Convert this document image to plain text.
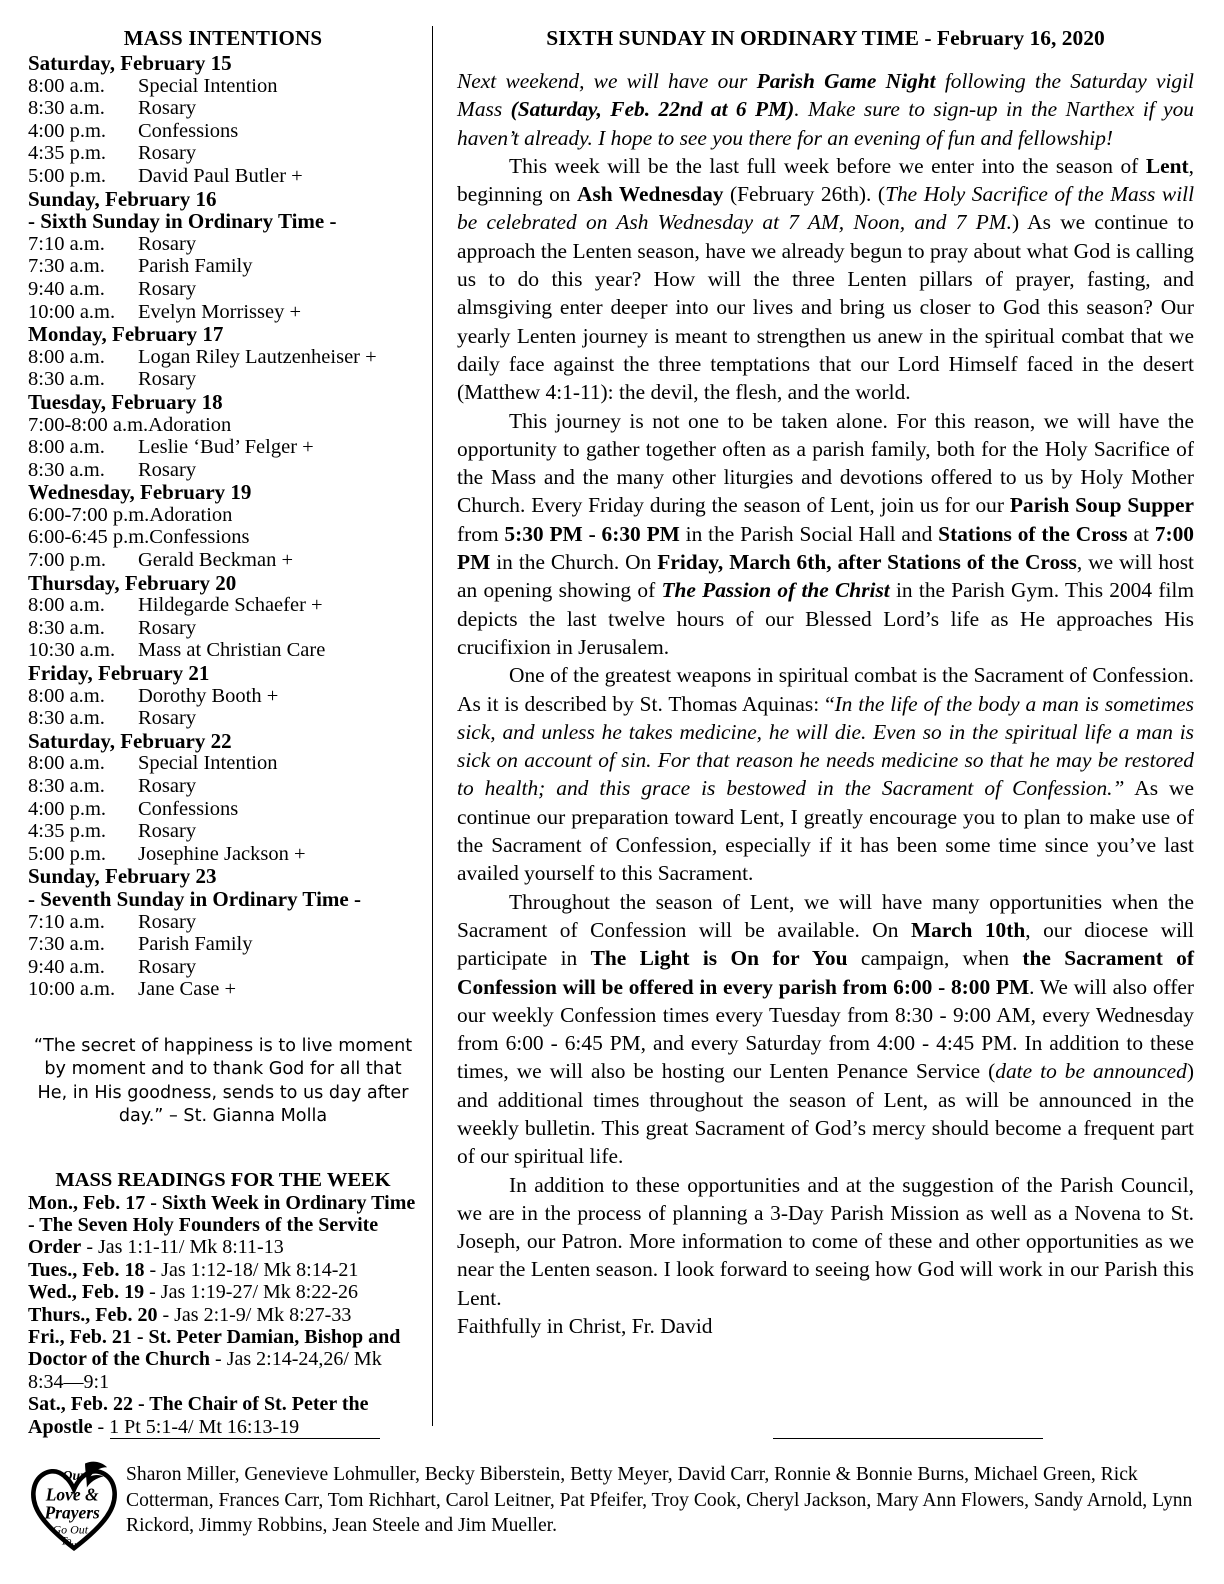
MASS INTENTIONS
Saturday, February 15
8:00 a.m.	Special Intention
8:30 a.m.	Rosary
4:00 p.m.	Confessions
4:35 p.m.	Rosary
5:00 p.m.	David Paul Butler +
Sunday, February 16
- Sixth Sunday in Ordinary Time -
7:10 a.m.	Rosary
7:30 a.m.	Parish Family
9:40 a.m.	Rosary
10:00 a.m.	Evelyn Morrissey +
Monday, February 17
8:00 a.m.	Logan Riley Lautzenheiser +
8:30 a.m.	Rosary
Tuesday, February 18
7:00-8:00 a.m. Adoration
8:00 a.m.	Leslie ‘Bud’ Felger +
8:30 a.m.	Rosary
Wednesday, February 19
6:00-7:00 p.m. Adoration
6:00-6:45 p.m. Confessions
7:00 p.m.	Gerald Beckman +
Thursday, February 20
8:00 a.m.	Hildegarde Schaefer +
8:30 a.m.	Rosary
10:30 a.m.	Mass at Christian Care
Friday, February 21
8:00 a.m.	Dorothy Booth +
8:30 a.m.	Rosary
Saturday, February 22
8:00 a.m.	Special Intention
8:30 a.m.	Rosary
4:00 p.m.	Confessions
4:35 p.m.	Rosary
5:00 p.m.	Josephine Jackson +
Sunday, February 23
- Seventh Sunday in Ordinary Time -
7:10 a.m.	Rosary
7:30 a.m.	Parish Family
9:40 a.m.	Rosary
10:00 a.m.	Jane Case +
“The secret of happiness is to live moment by moment and to thank God for all that He, in His goodness, sends to us day after day.” – St. Gianna Molla
MASS READINGS FOR THE WEEK
Mon., Feb. 17 - Sixth Week in Ordinary Time - The Seven Holy Founders of the Servite Order - Jas 1:1-11/ Mk 8:11-13
Tues., Feb. 18 - Jas 1:12-18/ Mk 8:14-21
Wed., Feb. 19 - Jas 1:19-27/ Mk 8:22-26
Thurs., Feb. 20 - Jas 2:1-9/ Mk 8:27-33
Fri., Feb. 21 - St. Peter Damian, Bishop and Doctor of the Church - Jas 2:14-24,26/ Mk 8:34—9:1
Sat., Feb. 22 - The Chair of St. Peter the Apostle - 1 Pt 5:1-4/ Mt 16:13-19
SIXTH SUNDAY IN ORDINARY TIME - February 16, 2020

Next weekend, we will have our Parish Game Night following the Saturday vigil Mass (Saturday, Feb. 22nd at 6 PM). Make sure to sign-up in the Narthex if you haven’t already. I hope to see you there for an evening of fun and fellowship!

This week will be the last full week before we enter into the season of Lent, beginning on Ash Wednesday (February 26th). (The Holy Sacrifice of the Mass will be celebrated on Ash Wednesday at 7 AM, Noon, and 7 PM.) As we continue to approach the Lenten season, have we already begun to pray about what God is calling us to do this year? How will the three Lenten pillars of prayer, fasting, and almsgiving enter deeper into our lives and bring us closer to God this season? Our yearly Lenten journey is meant to strengthen us anew in the spiritual combat that we daily face against the three temptations that our Lord Himself faced in the desert (Matthew 4:1-11): the devil, the flesh, and the world.

This journey is not one to be taken alone. For this reason, we will have the opportunity to gather together often as a parish family, both for the Holy Sacrifice of the Mass and the many other liturgies and devotions offered to us by Holy Mother Church. Every Friday during the season of Lent, join us for our Parish Soup Supper from 5:30 PM - 6:30 PM in the Parish Social Hall and Stations of the Cross at 7:00 PM in the Church. On Friday, March 6th, after Stations of the Cross, we will host an opening showing of The Passion of the Christ in the Parish Gym. This 2004 film depicts the last twelve hours of our Blessed Lord’s life as He approaches His crucifixion in Jerusalem.

One of the greatest weapons in spiritual combat is the Sacrament of Confession. As it is described by St. Thomas Aquinas: “In the life of the body a man is sometimes sick, and unless he takes medicine, he will die. Even so in the spiritual life a man is sick on account of sin. For that reason he needs medicine so that he may be restored to health; and this grace is bestowed in the Sacrament of Confession.” As we continue our preparation toward Lent, I greatly encourage you to plan to make use of the Sacrament of Confession, especially if it has been some time since you’ve last availed yourself to this Sacrament.

Throughout the season of Lent, we will have many opportunities when the Sacrament of Confession will be available. On March 10th, our diocese will participate in The Light is On for You campaign, when the Sacrament of Confession will be offered in every parish from 6:00 - 8:00 PM. We will also offer our weekly Confession times every Tuesday from 8:30 - 9:00 AM, every Wednesday from 6:00 - 6:45 PM, and every Saturday from 4:00 - 4:45 PM. In addition to these times, we will also be hosting our Lenten Penance Service (date to be announced) and additional times throughout the season of Lent, as will be announced in the weekly bulletin. This great Sacrament of God’s mercy should become a frequent part of our spiritual life.

In addition to these opportunities and at the suggestion of the Parish Council, we are in the process of planning a 3-Day Parish Mission as well as a Novena to St. Joseph, our Patron. More information to come of these and other opportunities as we near the Lenten season. I look forward to seeing how God will work in our Parish this Lent.

Faithfully in Christ, Fr. David

Our
Love &
Prayers
Go Out
To...
Sharon Miller, Genevieve Lohmuller, Becky Biberstein, Betty Meyer, David Carr, Ronnie & Bonnie Burns, Michael Green, Rick Cotterman, Frances Carr, Tom Richhart, Carol Leitner, Pat Pfeifer, Troy Cook, Cheryl Jackson, Mary Ann Flowers, Sandy Arnold, Lynn Rickord, Jimmy Robbins, Jean Steele and Jim Mueller.
